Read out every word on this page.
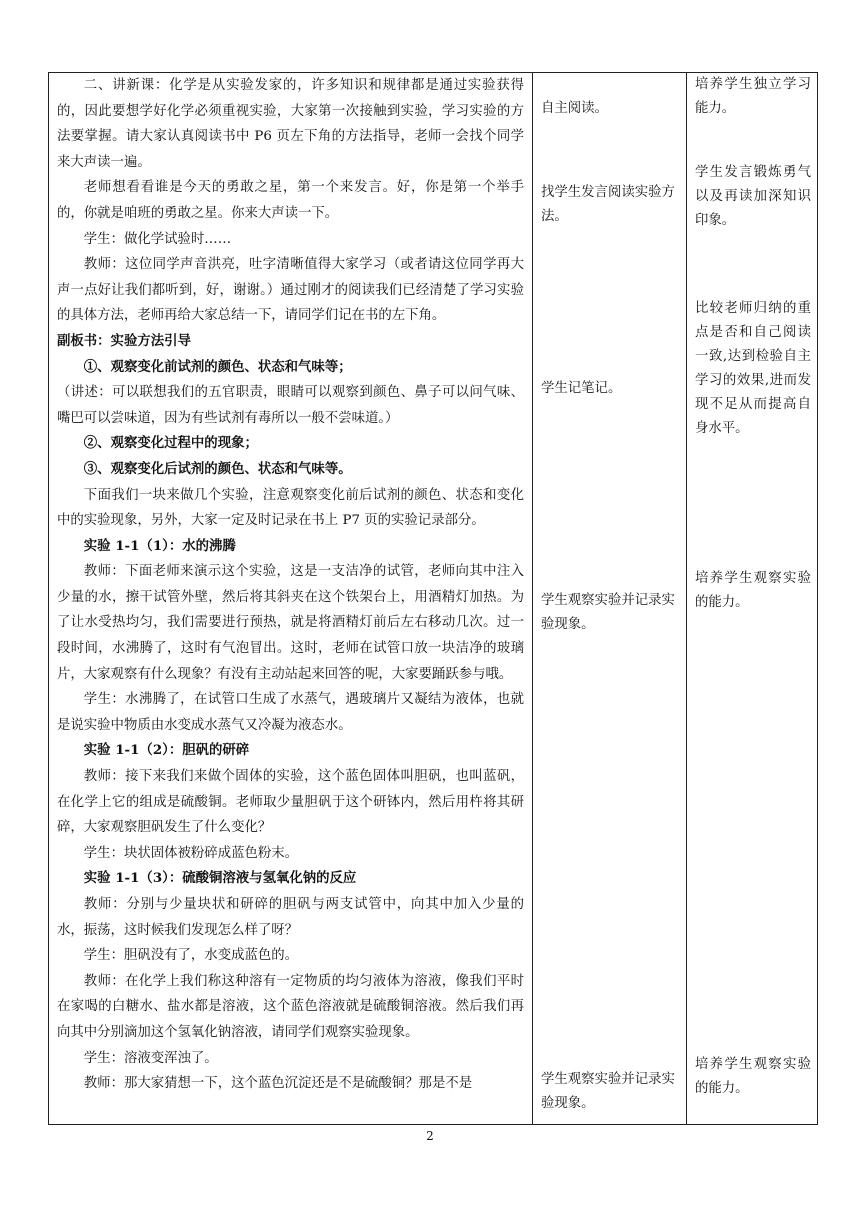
二、讲新课：化学是从实验发家的，许多知识和规律都是通过实验获得的，因此要想学好化学必须重视实验，大家第一次接触到实验，学习实验的方法要掌握。请大家认真阅读书中 P6 页左下角的方法指导，老师一会找个同学来大声读一遍。

老师想看看谁是今天的勇敢之星，第一个来发言。好，你是第一个举手的，你就是咱班的勇敢之星。你来大声读一下。

学生：做化学试验时……

教师：这位同学声音洪亮，吐字清晰值得大家学习（或者请这位同学再大声一点好让我们都听到，好，谢谢。）通过刚才的阅读我们已经清楚了学习实验的具体方法，老师再给大家总结一下，请同学们记在书的左下角。

副板书：实验方法引导

①、观察变化前试剂的颜色、状态和气味等；

（讲述：可以联想我们的五官职责，眼睛可以观察到颜色、鼻子可以问气味、嘴巴可以尝味道，因为有些试剂有毒所以一般不尝味道。）

②、观察变化过程中的现象；

③、观察变化后试剂的颜色、状态和气味等。

下面我们一块来做几个实验，注意观察变化前后试剂的颜色、状态和变化中的实验现象，另外，大家一定及时记录在书上 P7 页的实验记录部分。

实验 1-1（1）：水的沸腾

教师：下面老师来演示这个实验，这是一支洁净的试管，老师向其中注入少量的水，擦干试管外壁，然后将其斜夹在这个铁架台上，用酒精灯加热。为了让水受热均匀，我们需要进行预热，就是将酒精灯前后左右移动几次。过一段时间，水沸腾了，这时有气泡冒出。这时，老师在试管口放一块洁净的玻璃片，大家观察有什么现象？有没有主动站起来回答的呢，大家要踊跃参与哦。

学生：水沸腾了，在试管口生成了水蒸气，遇玻璃片又凝结为液体，也就是说实验中物质由水变成水蒸气又冷凝为液态水。

实验 1-1（2）：胆矾的研碎

教师：接下来我们来做个固体的实验，这个蓝色固体叫胆矾，也叫蓝矾，在化学上它的组成是硫酸铜。老师取少量胆矾于这个研钵内，然后用杵将其研碎，大家观察胆矾发生了什么变化？

学生：块状固体被粉碎成蓝色粉末。

实验 1-1（3）：硫酸铜溶液与氢氧化钠的反应

教师：分别与少量块状和研碎的胆矾与两支试管中，向其中加入少量的水，振荡，这时候我们发现怎么样了呀？

学生：胆矾没有了，水变成蓝色的。

教师：在化学上我们称这种溶有一定物质的均匀液体为溶液，像我们平时在家喝的白糖水、盐水都是溶液，这个蓝色溶液就是硫酸铜溶液。然后我们再向其中分别滴加这个氢氧化钠溶液，请同学们观察实验现象。

学生：溶液变浑浊了。

教师：那大家猜想一下，这个蓝色沉淀还是不是硫酸铜？那是不是

自主阅读。
找学生发言阅读实验方法。
学生记笔记。
学生观察实验并记录实验现象。
学生观察实验并记录实验现象。
培养学生独立学习能力。
学生发言锻炼勇气以及再读加深知识印象。
比较老师归纳的重点是否和自己阅读一致,达到检验自主学习的效果,进而发现不足从而提高自身水平。
培养学生观察实验的能力。
培养学生观察实验的能力。
2
